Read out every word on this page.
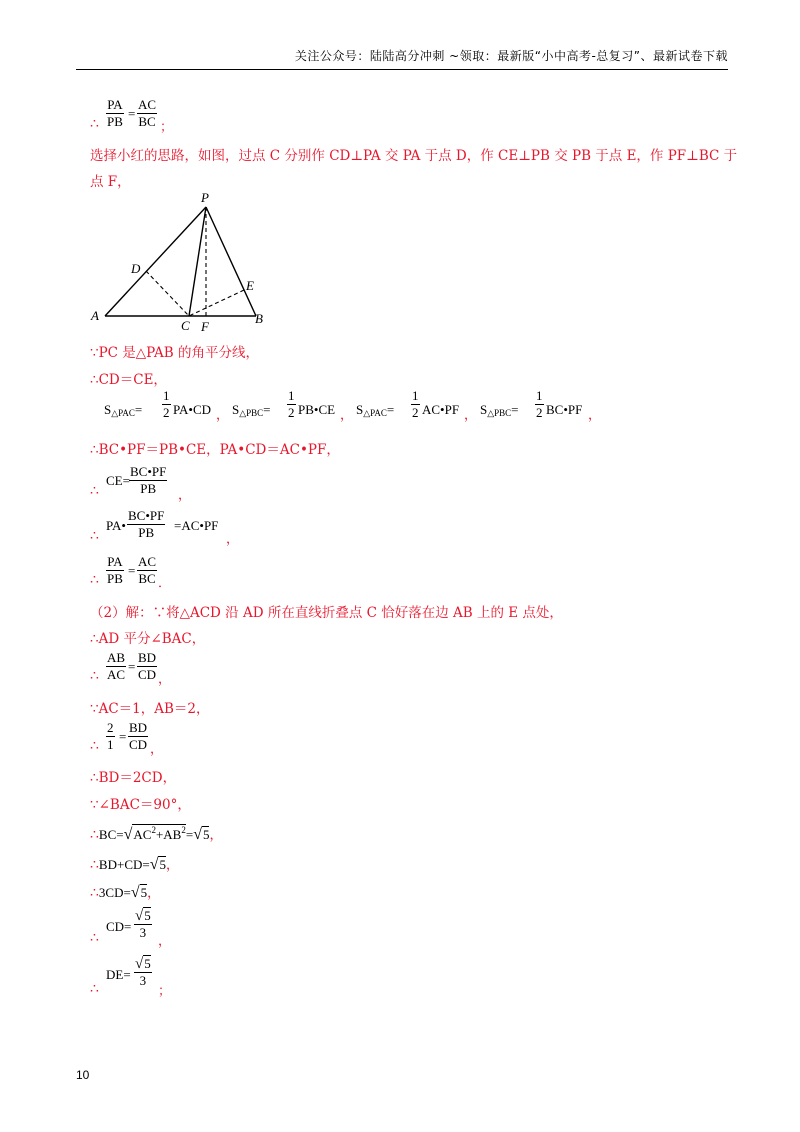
关注公众号：陆陆高分冲刺 ~领取：最新版“小中高考-总复习”、最新试卷下载
$\frac{PA}{PB} = \frac{AC}{BC}$
∴	；
选择小红的思路，如图，过点 C 分别作 CD⊥PA 交 PA 于点 D，作 CE⊥PB 交 PB 于点 E，作 PF⊥BC 于
点 F，
P
D
E
A
C F
B
∵PC 是△PAB 的角平分线，
∴CD＝CE，
$S_{\triangle PAC}= \frac{1}{2}$ PA•CD ， $S_{\triangle PBC}= \frac{1}{2}$ PB•CE ， $S_{\triangle PAC}= \frac{1}{2}$ AC•PF ， $S_{\triangle PBC}= \frac{1}{2}$ BC•PF ，
∴BC•PF＝PB•CE，PA•CD＝AC•PF，
$CE= \frac{BC•PF}{PB}$ ，
∴
PA• $\frac{BC•PF}{PB}$ =AC•PF
，
∴
$\frac{PA}{PB} = \frac{AC}{BC}$ ．
∴
（2）解：∵将△ACD 沿 AD 所在直线折叠点 C 恰好落在边 AB 上的 E 点处，
∴AD 平分∠BAC，
$\frac{AB}{AC} = \frac{BD}{CD}$ ，
∴
∵AC＝1，AB＝2，
$\frac{2}{1} = \frac{BD}{CD}$ ，
∴
∴BD＝2CD，
∵∠BAC＝90°，
$\therefore BC=√AC^2+AB^2=√5$，
∴BD+CD=√5，
∴3CD=√5，
$CD= \frac{√5}{3}$
，
∴
$DE= \frac{√5}{3}$
；
∴
10
